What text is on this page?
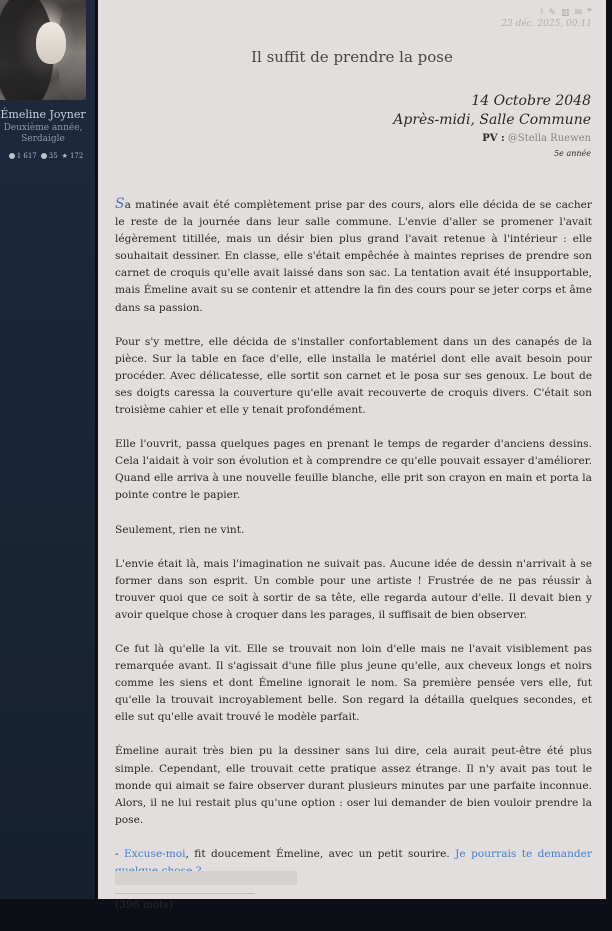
Émeline Joyner
Deuxième année,
Serdaigle
1 617 35 ★ 172
! ✎ ▥ ✉ ❞
23 déc. 2025, 00:11
Il suffit de prendre la pose
14 Octobre 2048
Après-midi, Salle Commune
PV : @Stella Ruewen
5e année

Sa matinée avait été complètement prise par des cours, alors elle décida de se cacher le reste de la journée dans leur salle commune. L'envie d'aller se promener l'avait légèrement titillée, mais un désir bien plus grand l'avait retenue à l'intérieur : elle souhaitait dessiner. En classe, elle s'était empêchée à maintes reprises de prendre son carnet de croquis qu'elle avait laissé dans son sac. La tentation avait été insupportable, mais Émeline avait su se contenir et attendre la fin des cours pour se jeter corps et âme dans sa passion.

Pour s'y mettre, elle décida de s'installer confortablement dans un des canapés de la pièce. Sur la table en face d'elle, elle installa le matériel dont elle avait besoin pour procéder. Avec délicatesse, elle sortit son carnet et le posa sur ses genoux. Le bout de ses doigts caressa la couverture qu'elle avait recouverte de croquis divers. C'était son troisième cahier et elle y tenait profondément.

Elle l'ouvrit, passa quelques pages en prenant le temps de regarder d'anciens dessins. Cela l'aidait à voir son évolution et à comprendre ce qu'elle pouvait essayer d'améliorer. Quand elle arriva à une nouvelle feuille blanche, elle prit son crayon en main et porta la pointe contre le papier.

Seulement, rien ne vint.

L'envie était là, mais l'imagination ne suivait pas. Aucune idée de dessin n'arrivait à se former dans son esprit. Un comble pour une artiste ! Frustrée de ne pas réussir à trouver quoi que ce soit à sortir de sa tête, elle regarda autour d'elle. Il devait bien y avoir quelque chose à croquer dans les parages, il suffisait de bien observer.

Ce fut là qu'elle la vit. Elle se trouvait non loin d'elle mais ne l'avait visiblement pas remarquée avant. Il s'agissait d'une fille plus jeune qu'elle, aux cheveux longs et noirs comme les siens et dont Émeline ignorait le nom. Sa première pensée vers elle, fut qu'elle la trouvait incroyablement belle. Son regard la détailla quelques secondes, et elle sut qu'elle avait trouvé le modèle parfait.

Émeline aurait très bien pu la dessiner sans lui dire, cela aurait peut-être été plus simple. Cependant, elle trouvait cette pratique assez étrange. Il n'y avait pas tout le monde qui aimait se faire observer durant plusieurs minutes par une parfaite inconnue. Alors, il ne lui restait plus qu'une option : oser lui demander de bien vouloir prendre la pose.

- Excuse-moi, fit doucement Émeline, avec un petit sourire. Je pourrais te demander

(396 mots)
